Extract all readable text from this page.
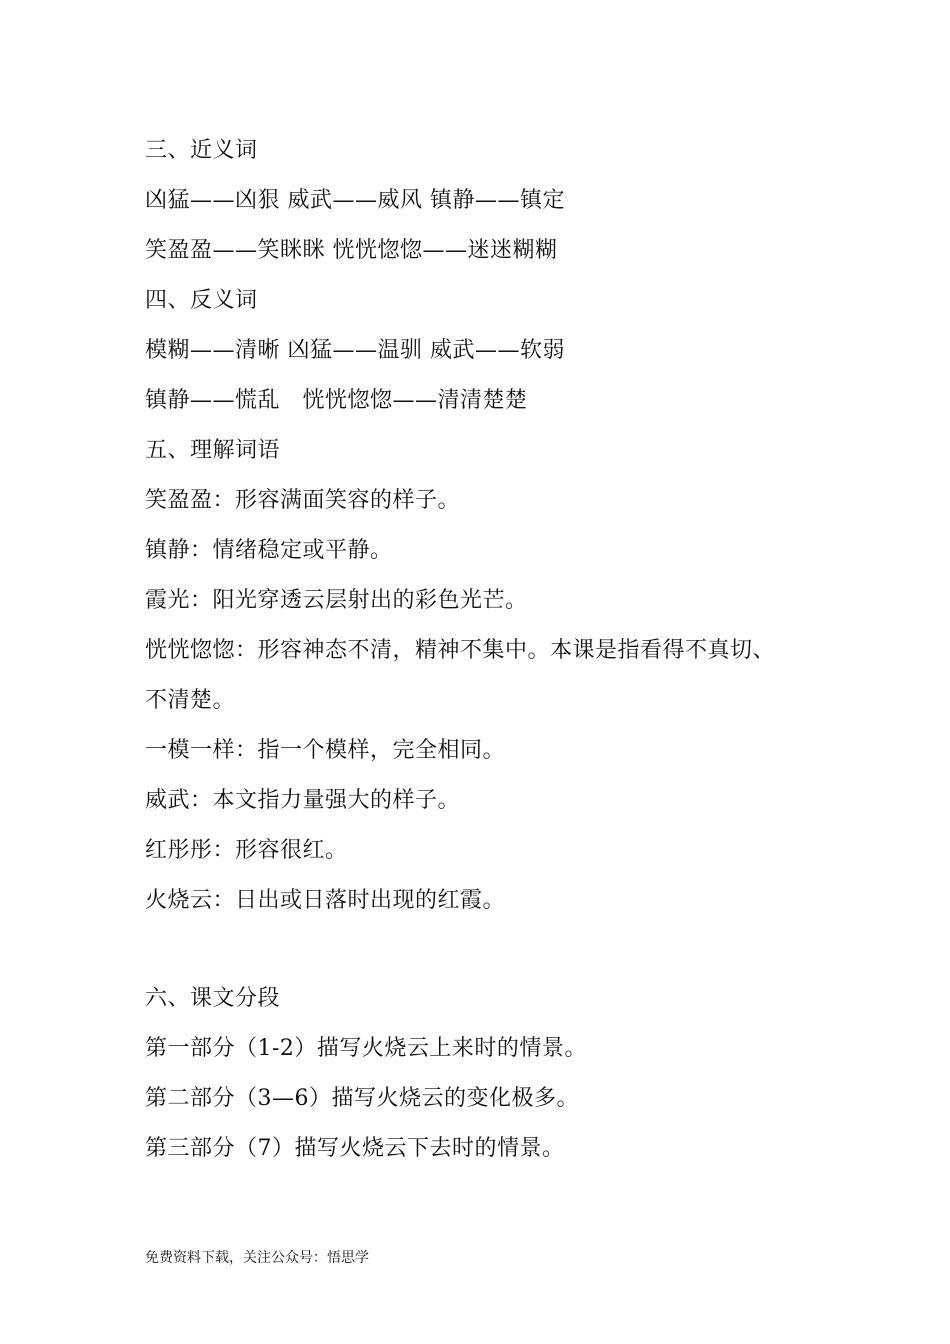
三、近义词
凶猛——凶狠 威武——威风 镇静——镇定
笑盈盈——笑眯眯 恍恍惚惚——迷迷糊糊
四、反义词
模糊——清晰 凶猛——温驯 威武——软弱
镇静——慌乱   恍恍惚惚——清清楚楚
五、理解词语
笑盈盈：形容满面笑容的样子。
镇静：情绪稳定或平静。
霞光：阳光穿透云层射出的彩色光芒。
恍恍惚惚：形容神态不清，精神不集中。本课是指看得不真切、
不清楚。
一模一样：指一个模样，完全相同。
威武：本文指力量强大的样子。
红彤彤：形容很红。
火烧云：日出或日落时出现的红霞。
六、课文分段
第一部分（1-2）描写火烧云上来时的情景。
第二部分（3—6）描写火烧云的变化极多。
第三部分（7）描写火烧云下去时的情景。
免费资料下载，关注公众号：悟思学
